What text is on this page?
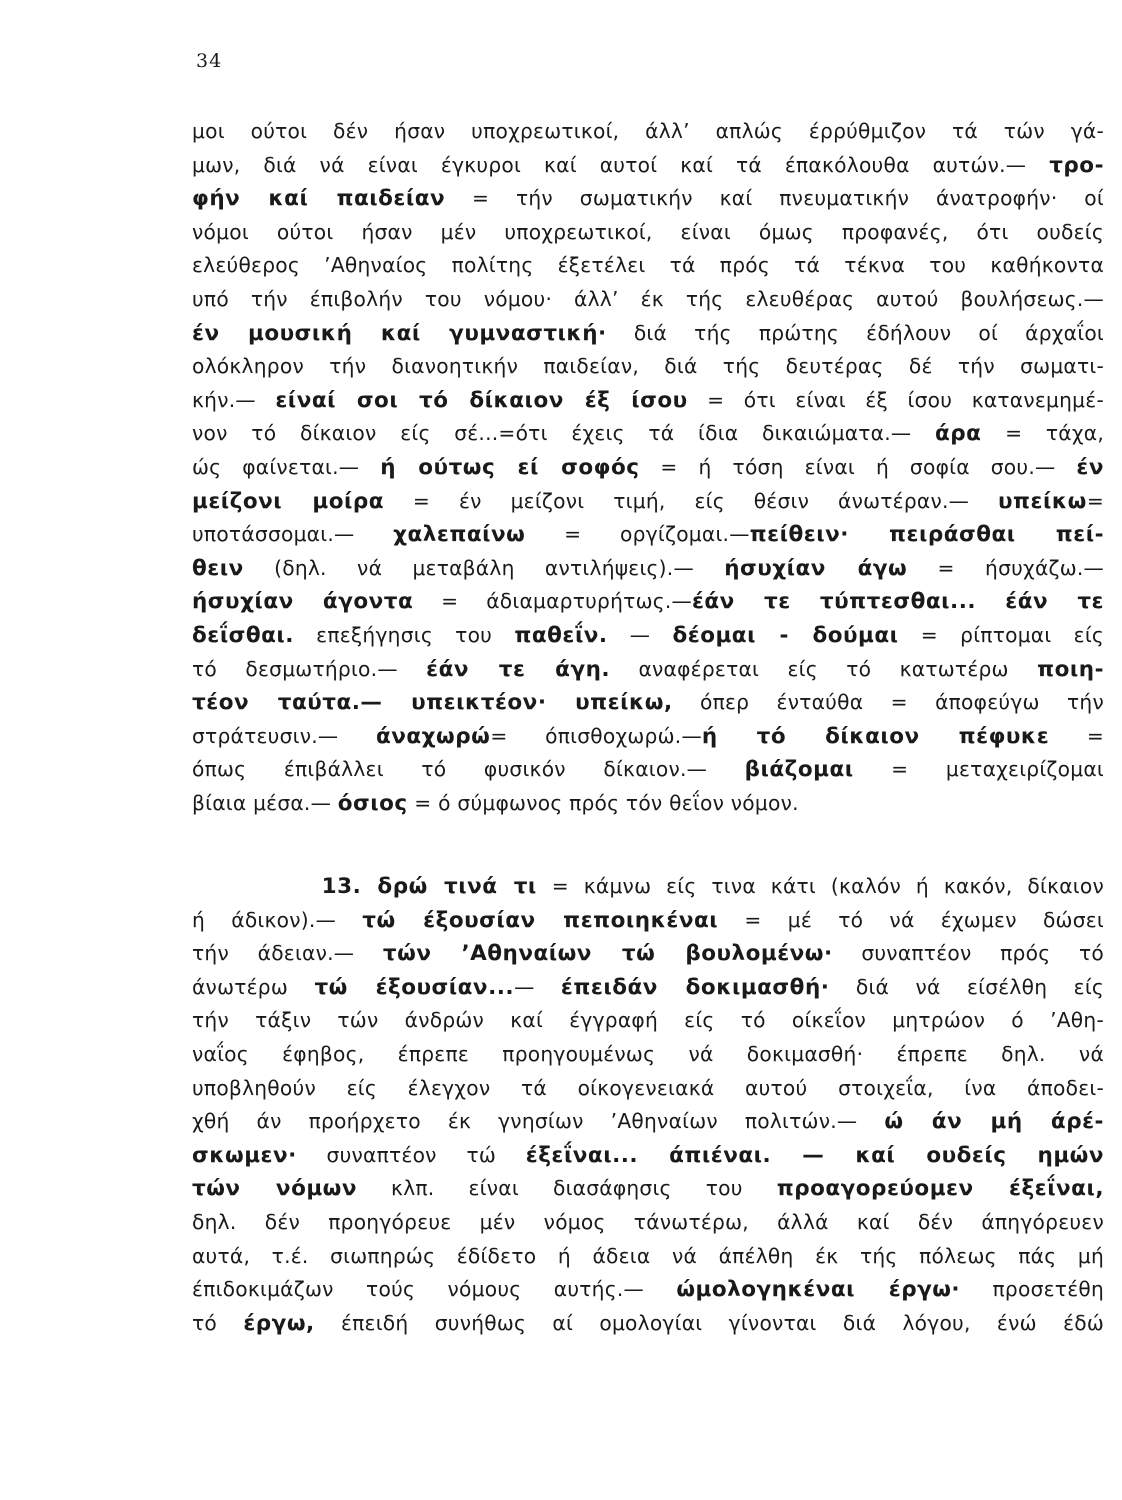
34
μοι ούτοι δέν ήσαν υποχρεωτικοί, άλλ’ απλώς έρρύθμιζον τά τών γά-
μων, διά νά είναι έγκυροι καί αυτοί καί τά έπακόλουθα αυτών.— τρο-
φήν καί παιδείαν = τήν σωματικήν καί πνευματικήν άνατροφήν· οί
νόμοι ούτοι ήσαν μέν υποχρεωτικοί, είναι όμως προφανές, ότι ουδείς
ελεύθερος ’Αθηναίος πολίτης έξετέλει τά πρός τά τέκνα του καθήκοντα
υπό τήν έπιβολήν του νόμου· άλλ’ έκ τής ελευθέρας αυτού βουλήσεως.—
έν μουσική καί γυμναστική· διά τής πρώτης έδήλουν οί άρχαΐοι
ολόκληρον τήν διανοητικήν παιδείαν, διά τής δευτέρας δέ τήν σωματι-
κήν.— είναί σοι τό δίκαιον έξ ίσου = ότι είναι έξ ίσου κατανεμημέ-
νον τό δίκαιον είς σέ...=ότι έχεις τά ίδια δικαιώματα.— άρα = τάχα,
ώς φαίνεται.— ή ούτως εί σοφός = ή τόση είναι ή σοφία σου.— έν
μείζονι μοίρα = έν μείζονι τιμή, είς θέσιν άνωτέραν.— υπείκω=
υποτάσσομαι.— χαλεπαίνω = οργίζομαι.—πείθειν· πειράσθαι πεί-
θειν (δηλ. νά μεταβάλη αντιλήψεις).— ήσυχίαν άγω = ήσυχάζω.—
ήσυχίαν άγοντα = άδιαμαρτυρήτως.—έάν τε τύπτεσθαι... έάν τε
δεΐσθαι. επεξήγησις του παθεΐν. — δέομαι - δούμαι = ρίπτομαι είς
τό δεσμωτήριο.— έάν τε άγη. αναφέρεται είς τό κατωτέρω ποιη-
τέον ταύτα.— υπεικτέον· υπείκω, όπερ ένταύθα = άποφεύγω τήν
στράτευσιν.— άναχωρώ= όπισθοχωρώ.—ή τό δίκαιον πέφυκε =
όπως έπιβάλλει τό φυσικόν δίκαιον.— βιάζομαι = μεταχειρίζομαι
βίαια μέσα.— όσιος = ό σύμφωνος πρός τόν θεΐον νόμον.
13. δρώ τινά τι = κάμνω είς τινα κάτι (καλόν ή κακόν, δίκαιον
ή άδικον).— τώ έξουσίαν πεποιηκέναι = μέ τό νά έχωμεν δώσει
τήν άδειαν.— τών ’Αθηναίων τώ βουλομένω· συναπτέον πρός τό
άνωτέρω τώ έξουσίαν...— έπειδάν δοκιμασθή· διά νά είσέλθη είς
τήν τάξιν τών άνδρών καί έγγραφή είς τό οίκεΐον μητρώον ό ’Αθη-
ναΐος έφηβος, έπρεπε προηγουμένως νά δοκιμασθή· έπρεπε δηλ. νά
υποβληθούν είς έλεγχον τά οίκογενειακά αυτού στοιχεΐα, ίνα άποδει-
χθή άν προήρχετο έκ γνησίων ’Αθηναίων πολιτών.— ώ άν μή άρέ-
σκωμεν· συναπτέον τώ έξεΐναι... άπιέναι. — καί ουδείς ημών
τών νόμων κλπ. είναι διασάφησις του προαγορεύομεν έξεΐναι,
δηλ. δέν προηγόρευε μέν νόμος τάνωτέρω, άλλά καί δέν άπηγόρευεν
αυτά, τ.έ. σιωπηρώς έδίδετο ή άδεια νά άπέλθη έκ τής πόλεως πάς μή
έπιδοκιμάζων τούς νόμους αυτής.— ώμολογηκέναι έργω· προσετέθη
τό έργω, έπειδή συνήθως αί ομολογίαι γίνονται διά λόγου, ένώ έδώ
